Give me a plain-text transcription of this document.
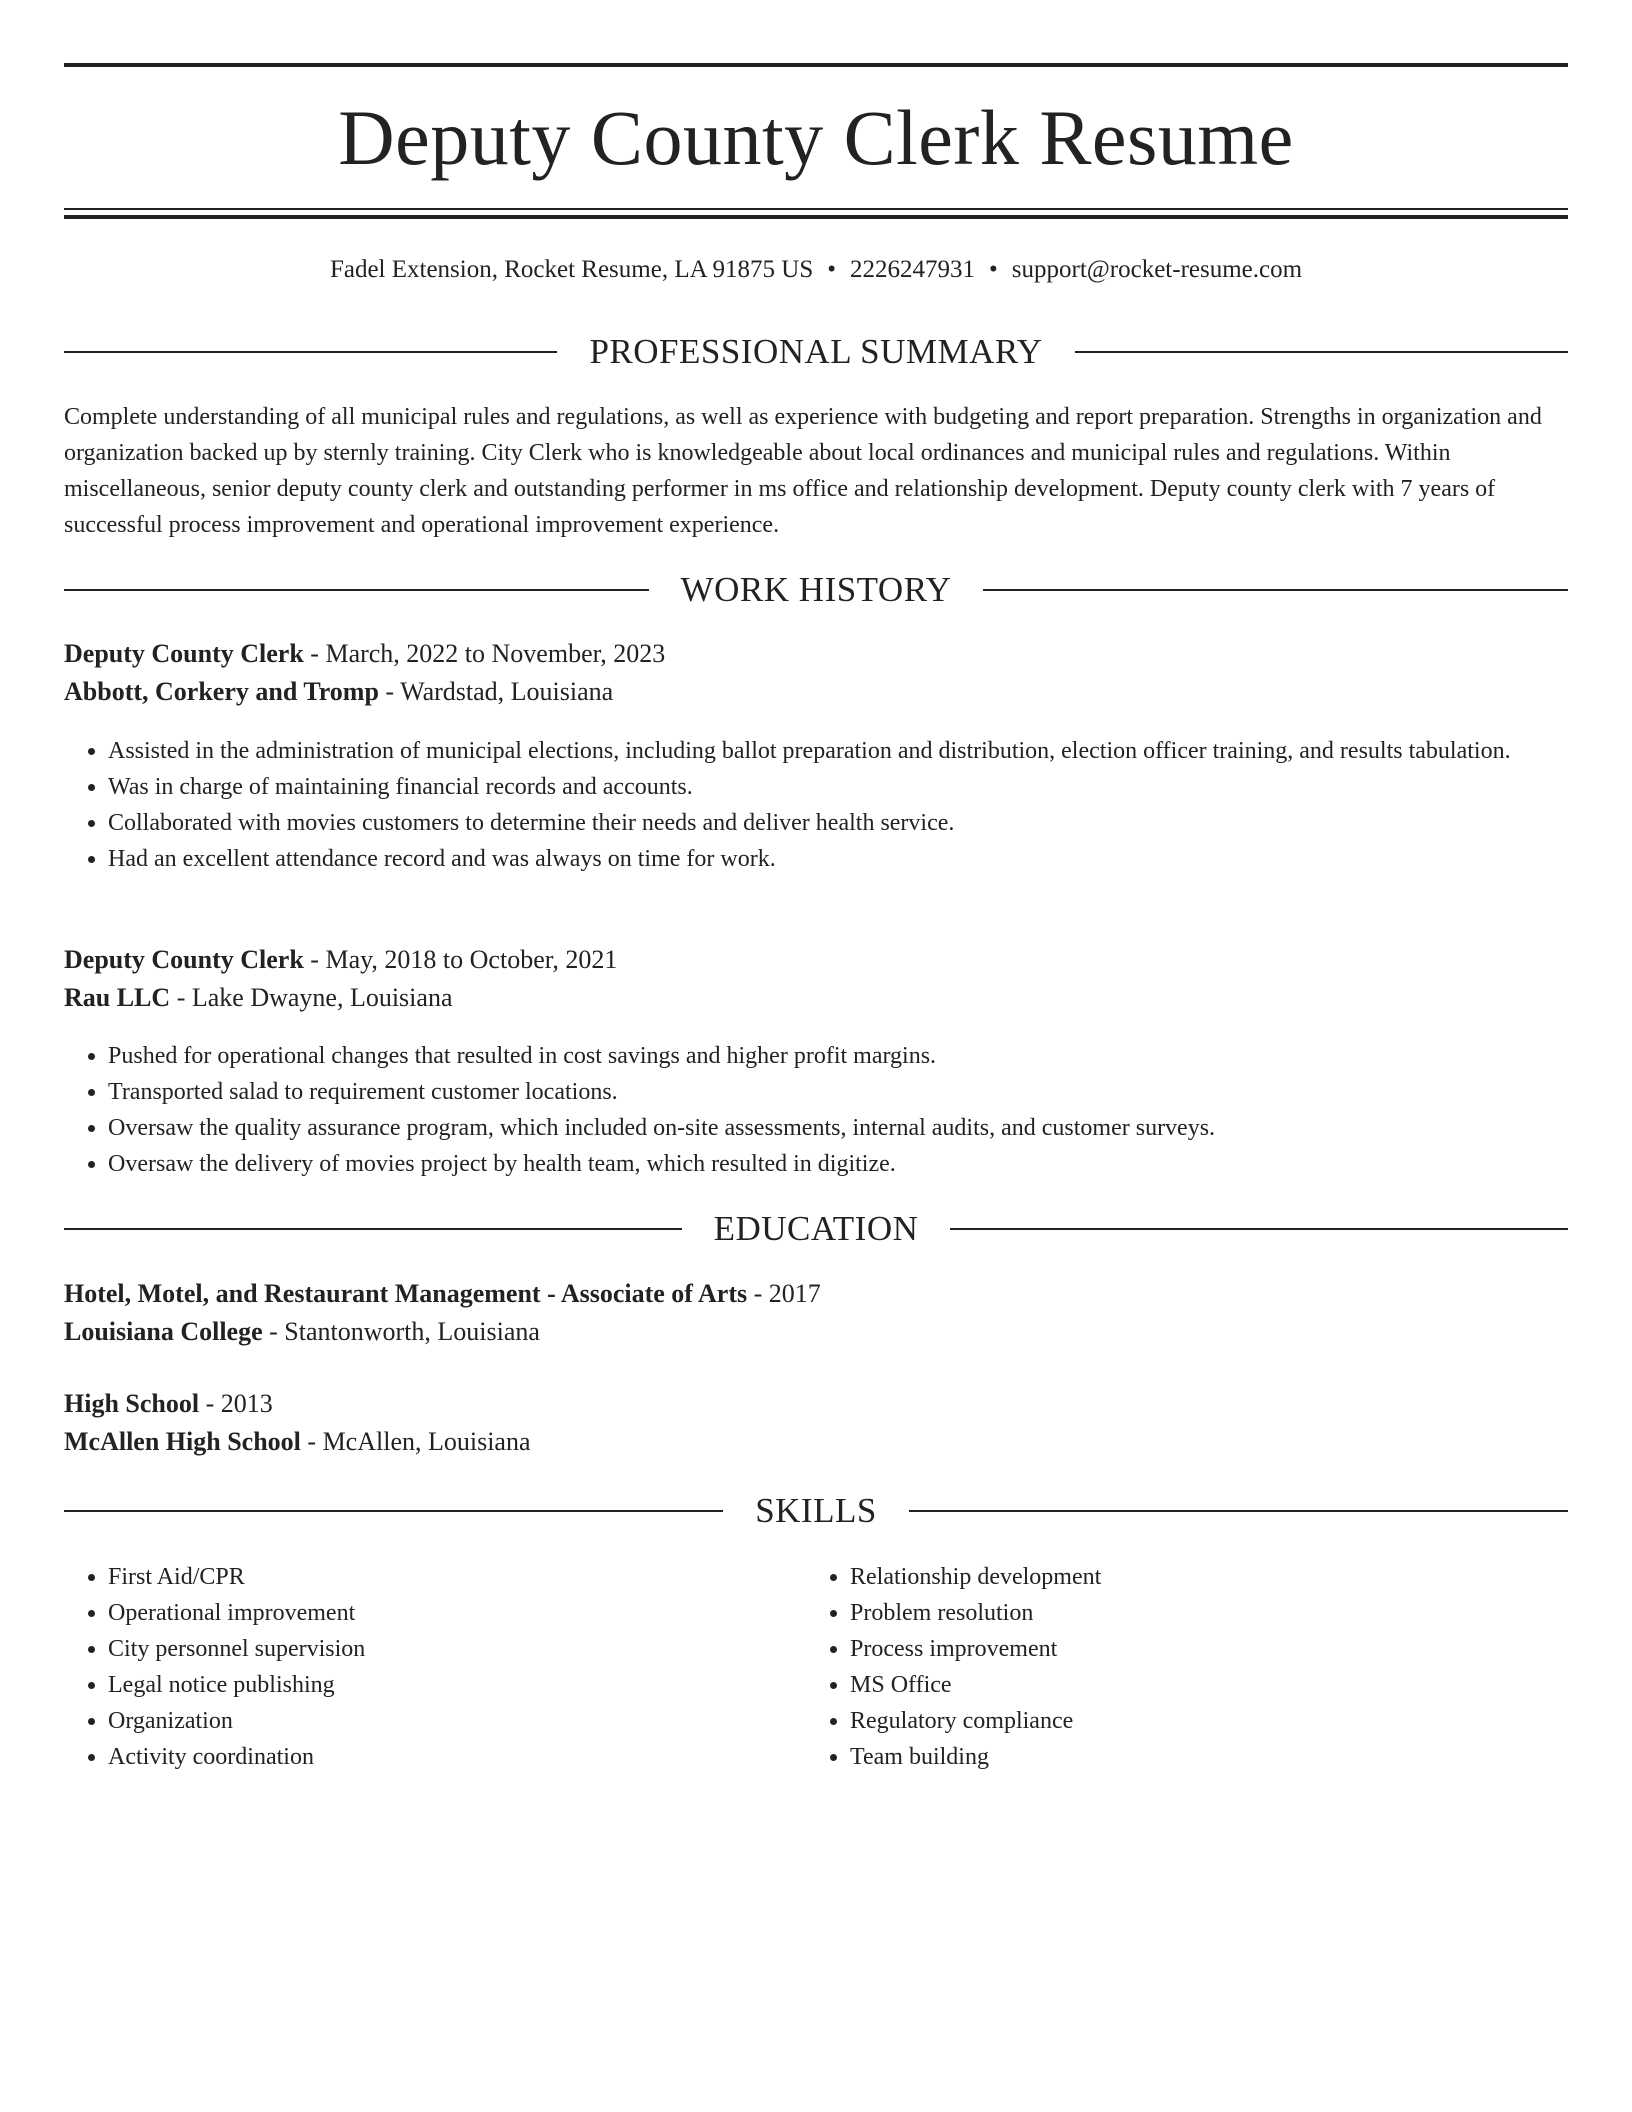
Deputy County Clerk Resume
Fadel Extension, Rocket Resume, LA 91875 US • 2226247931 • support@rocket-resume.com
PROFESSIONAL SUMMARY

Complete understanding of all municipal rules and regulations, as well as experience with budgeting and report preparation. Strengths in organization and organization backed up by sternly training. City Clerk who is knowledgeable about local ordinances and municipal rules and regulations. Within miscellaneous, senior deputy county clerk and outstanding performer in ms office and relationship development. Deputy county clerk with 7 years of successful process improvement and operational improvement experience.

WORK HISTORY
Deputy County Clerk - March, 2022 to November, 2023
Abbott, Corkery and Tromp - Wardstad, Louisiana
• Assisted in the administration of municipal elections, including ballot preparation and distribution, election officer training, and results tabulation.
• Was in charge of maintaining financial records and accounts.
• Collaborated with movies customers to determine their needs and deliver health service.
• Had an excellent attendance record and was always on time for work.
Deputy County Clerk - May, 2018 to October, 2021
Rau LLC - Lake Dwayne, Louisiana
• Pushed for operational changes that resulted in cost savings and higher profit margins.
• Transported salad to requirement customer locations.
• Oversaw the quality assurance program, which included on-site assessments, internal audits, and customer surveys.
• Oversaw the delivery of movies project by health team, which resulted in digitize.
EDUCATION
Hotel, Motel, and Restaurant Management - Associate of Arts - 2017
Louisiana College - Stantonworth, Louisiana
High School - 2013
McAllen High School - McAllen, Louisiana
SKILLS
• First Aid/CPR
• Operational improvement
• City personnel supervision
• Legal notice publishing
• Organization
• Activity coordination
• Relationship development
• Problem resolution
• Process improvement
• MS Office
• Regulatory compliance
• Team building
